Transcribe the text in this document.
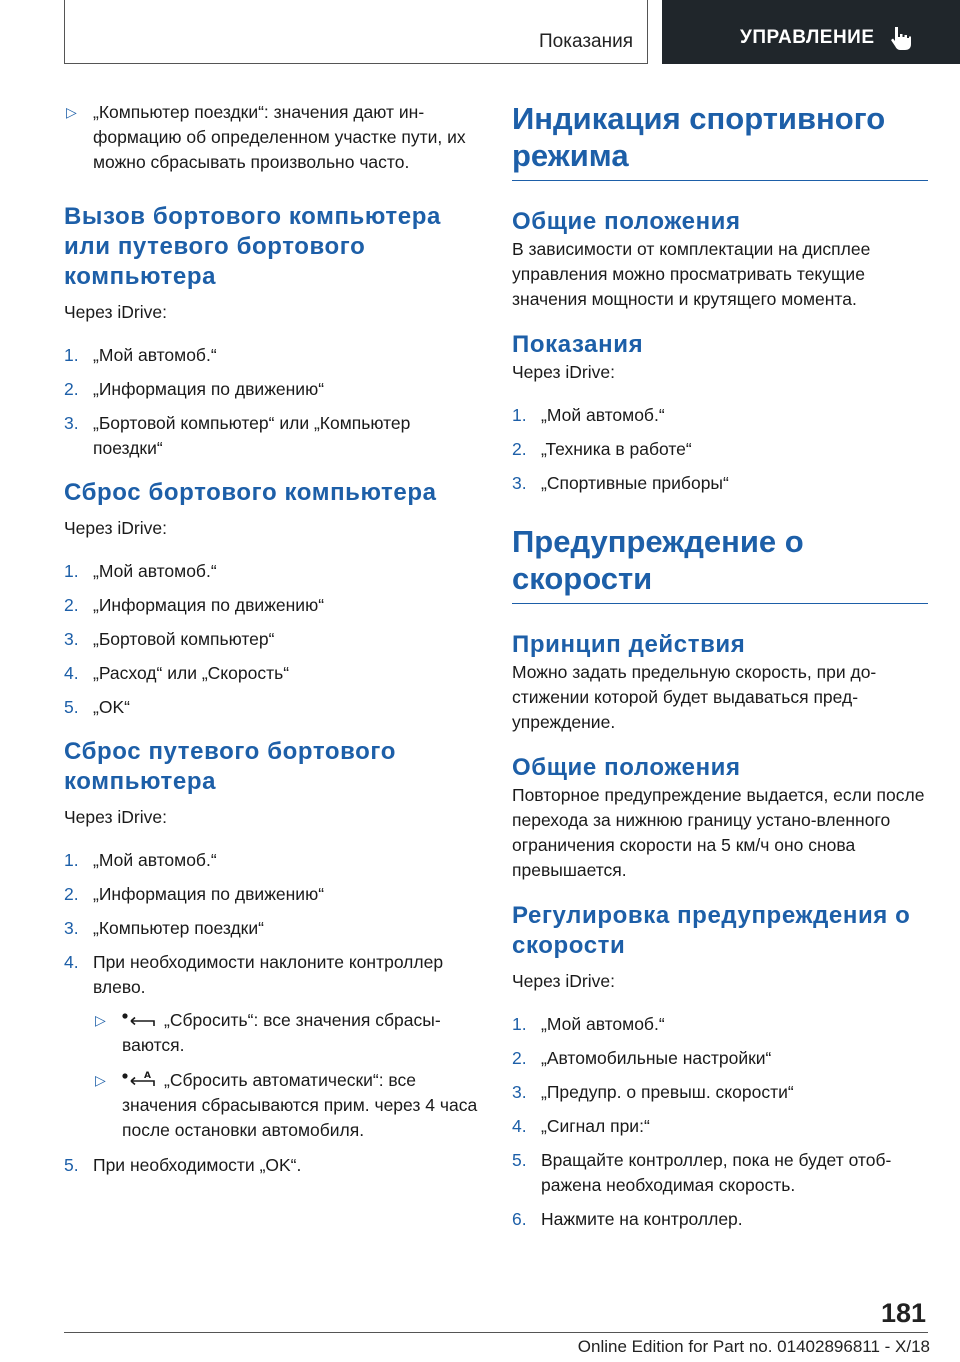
Показания	УПРАВЛЕНИЕ
▷ „Компьютер поездки“: значения дают ин-формацию об определенном участке пути, их можно сбрасывать произвольно часто.
Вызов бортового компьютера или путевого бортового компьютера

Через iDrive:

1. „Мой автомоб.“
2. „Информация по движению“
3. „Бортовой компьютер“ или „Компьютер поездки“
Сброс бортового компьютера

Через iDrive:

1. „Мой автомоб.“
2. „Информация по движению“
3. „Бортовой компьютер“
4. „Расход“ или „Скорость“
5. „OK“
Сброс путевого бортового компьютера

Через iDrive:

1. „Мой автомоб.“
2. „Информация по движению“
3. „Компьютер поездки“
4. При необходимости наклоните контроллер влево.
▷	„Сбросить“: все значения сбрасы-ваются.
▷	A „Сбросить автоматически“: все значения сбрасываются прим. через 4 часа после остановки автомобиля.
5. При необходимости „OK“.
Индикация спортивного режима
Общие положения

В зависимости от комплектации на дисплее управления можно просматривать текущие значения мощности и крутящего момента.

Показания

Через iDrive:

1. „Мой автомоб.“
2. „Техника в работе“
3. „Спортивные приборы“
Предупреждение о скорости
Принцип действия

Можно задать предельную скорость, при до-стижении которой будет выдаваться пред-упреждение.

Общие положения

Повторное предупреждение выдается, если после перехода за нижнюю границу устано-вленного ограничения скорости на 5 км/ч оно снова превышается.

Регулировка предупреждения о скорости

Через iDrive:

1. „Мой автомоб.“
2. „Автомобильные настройки“
3. „Предупр. о превыш. скорости“
4. „Сигнал при:“
5. Вращайте контроллер, пока не будет отоб-ражена необходимая скорость.
6. Нажмите на контроллер.
181
Online Edition for Part no. 01402896811 - X/18
